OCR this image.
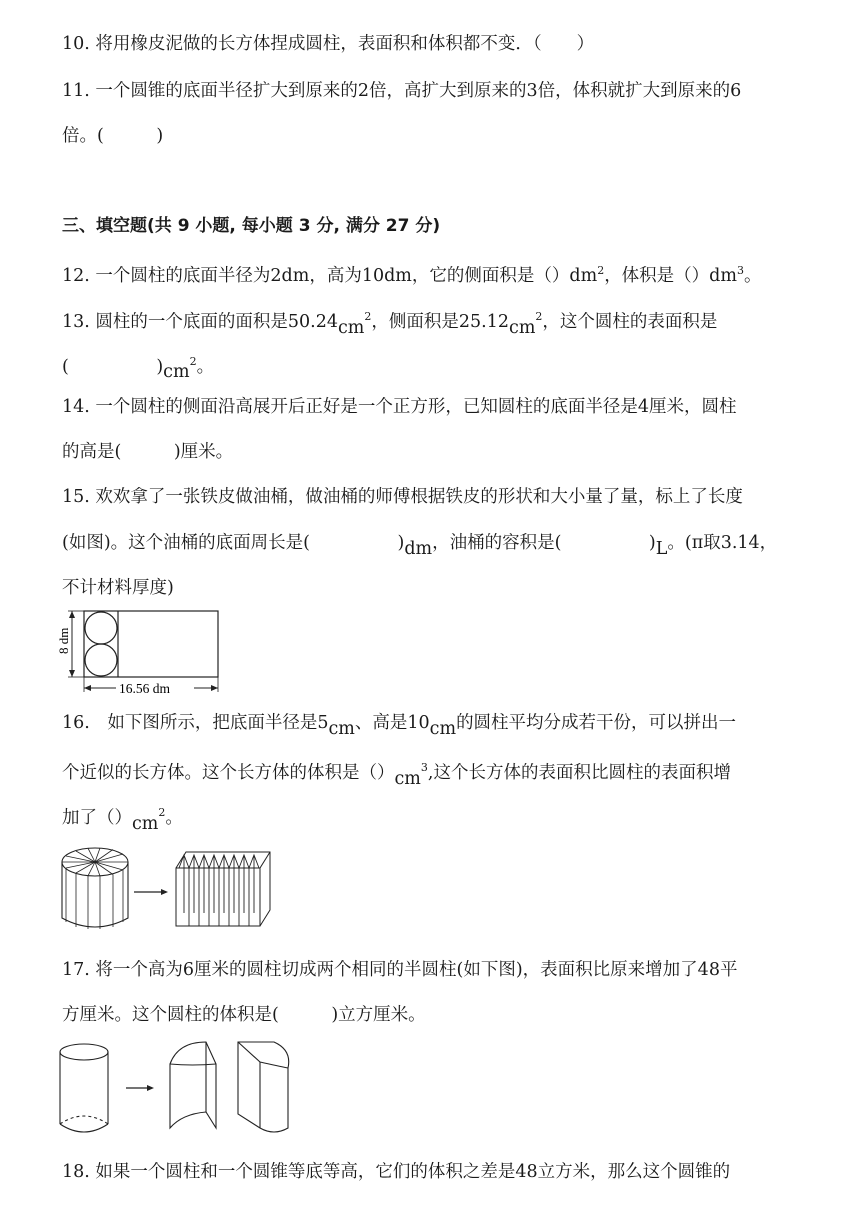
10. 将用橡皮泥做的长方体捏成圆柱，表面积和体积都不变．（　　）
11. 一个圆锥的底面半径扩大到原来的2倍，高扩大到原来的3倍，体积就扩大到原来的6
倍。(　　　)
三、填空题(共 9 小题, 每小题 3 分, 满分 27 分)
12. 一个圆柱的底面半径为2dm，高为10dm，它的侧面积是$()dm^2$，体积是$()dm^3$。
13. 圆柱的一个底面的面积是$50.24cm^2$，侧面积是$25.12cm^2$，这个圆柱的表面积是
(　　　　　)$cm^2$。
14. 一个圆柱的侧面沿高展开后正好是一个正方形，已知圆柱的底面半径是4厘米，圆柱
的高是(　　　)厘米。
15. 欢欢拿了一张铁皮做油桶，做油桶的师傅根据铁皮的形状和大小量了量，标上了长度
(如图)。这个油桶的底面周长是(　　　　　)dm，油桶的容积是(　　　　　)L。(π取3.14，
不计材料厚度)
8 dm
16.56 dm
16.　如下图所示，把底面半径是5cm、高是10cm的圆柱平均分成若干份，可以拼出一
个近似的长方体。这个长方体的体积是$()cm^3$,这个长方体的表面积比圆柱的表面积增
加了$()cm^2$。
17. 将一个高为6厘米的圆柱切成两个相同的半圆柱(如下图)，表面积比原来增加了48平
方厘米。这个圆柱的体积是(　　　)立方厘米。
18. 如果一个圆柱和一个圆锥等底等高，它们的体积之差是48立方米，那么这个圆锥的
